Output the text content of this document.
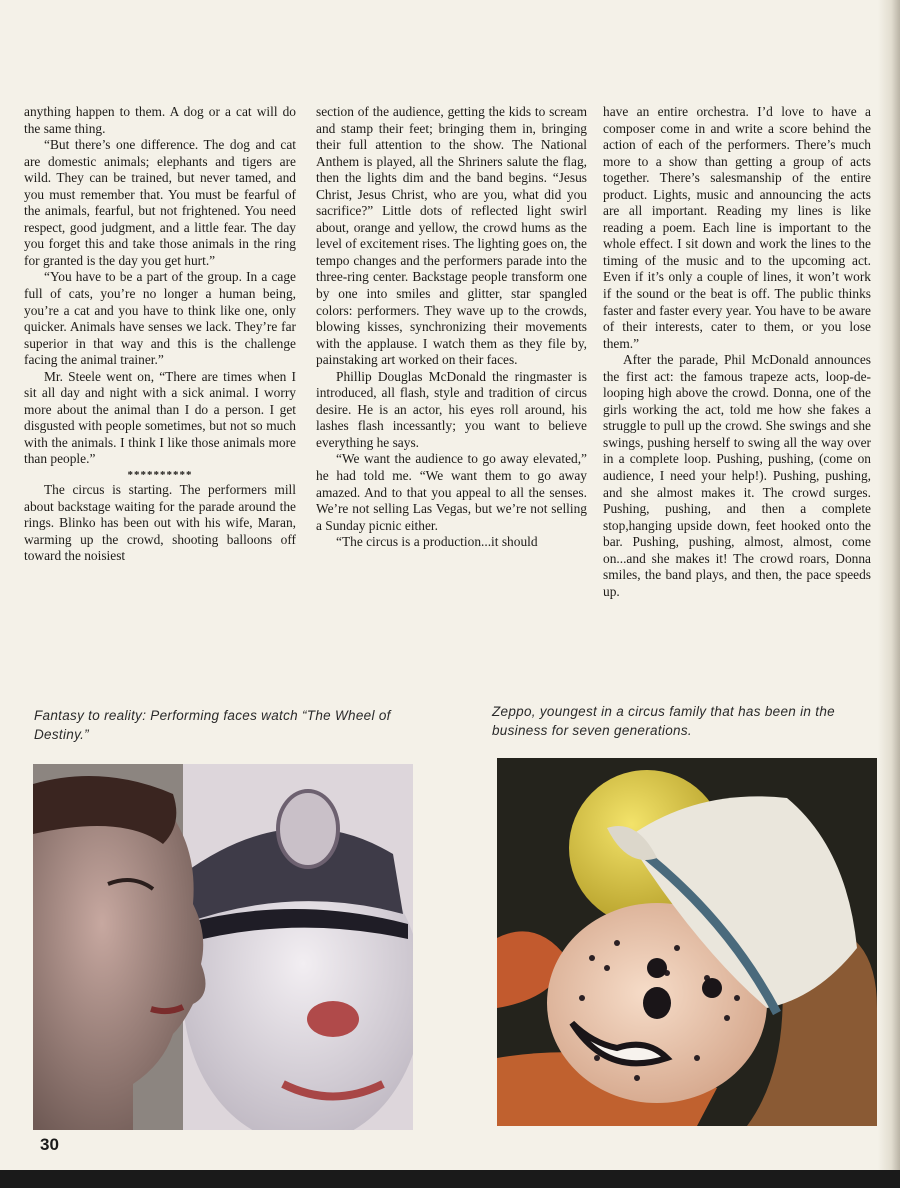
anything happen to them. A dog or a cat will do the same thing.

“But there’s one difference. The dog and cat are domestic animals; elephants and tigers are wild. They can be trained, but never tamed, and you must remember that. You must be fearful of the animals, fearful, but not frightened. You need respect, good judgment, and a little fear. The day you forget this and take those animals in the ring for granted is the day you get hurt.”

“You have to be a part of the group. In a cage full of cats, you’re no longer a human being, you’re a cat and you have to think like one, only quicker. Animals have senses we lack. They’re far superior in that way and this is the challenge facing the animal trainer.”

Mr. Steele went on, “There are times when I sit all day and night with a sick animal. I worry more about the animal than I do a person. I get disgusted with people sometimes, but not so much with the animals. I think I like those animals more than people.”

**********

The circus is starting. The performers mill about backstage waiting for the parade around the rings. Blinko has been out with his wife, Maran, warming up the crowd, shooting balloons off toward the noisiest

section of the audience, getting the kids to scream and stamp their feet; bringing them in, bringing their full attention to the show. The National Anthem is played, all the Shriners salute the flag, then the lights dim and the band begins. “Jesus Christ, Jesus Christ, who are you, what did you sacrifice?” Little dots of reflected light swirl about, orange and yellow, the crowd hums as the level of excitement rises. The lighting goes on, the tempo changes and the performers parade into the three-ring center. Backstage people transform one by one into smiles and glitter, star spangled colors: performers. They wave up to the crowds, blowing kisses, synchronizing their movements with the applause. I watch them as they file by, painstaking art worked on their faces.

Phillip Douglas McDonald the ringmaster is introduced, all flash, style and tradition of circus desire. He is an actor, his eyes roll around, his lashes flash incessantly; you want to believe everything he says.

“We want the audience to go away elevated,” he had told me. “We want them to go away amazed. And to that you appeal to all the senses. We’re not selling Las Vegas, but we’re not selling a Sunday picnic either.

“The circus is a production...it should

have an entire orchestra. I’d love to have a composer come in and write a score behind the action of each of the performers. There’s much more to a show than getting a group of acts together. There’s salesmanship of the entire product. Lights, music and announcing the acts are all important. Reading my lines is like reading a poem. Each line is important to the whole effect. I sit down and work the lines to the timing of the music and to the upcoming act. Even if it’s only a couple of lines, it won’t work if the sound or the beat is off. The public thinks faster and faster every year. You have to be aware of their interests, cater to them, or you lose them.”

After the parade, Phil McDonald announces the first act: the famous trapeze acts, loop-de-looping high above the crowd. Donna, one of the girls working the act, told me how she fakes a struggle to pull up the crowd. She swings and she swings, pushing herself to swing all the way over in a complete loop. Pushing, pushing, (come on audience, I need your help!). Pushing, pushing, and she almost makes it. The crowd surges. Pushing, pushing, and then a complete stop,hanging upside down, feet hooked onto the bar. Pushing, pushing, almost, almost, come on...and she makes it! The crowd roars, Donna smiles, the band plays, and then, the pace speeds up.

Fantasy to reality: Performing faces watch “The Wheel of Destiny.”
Zeppo, youngest in a circus family that has been in the business for seven generations.
30
